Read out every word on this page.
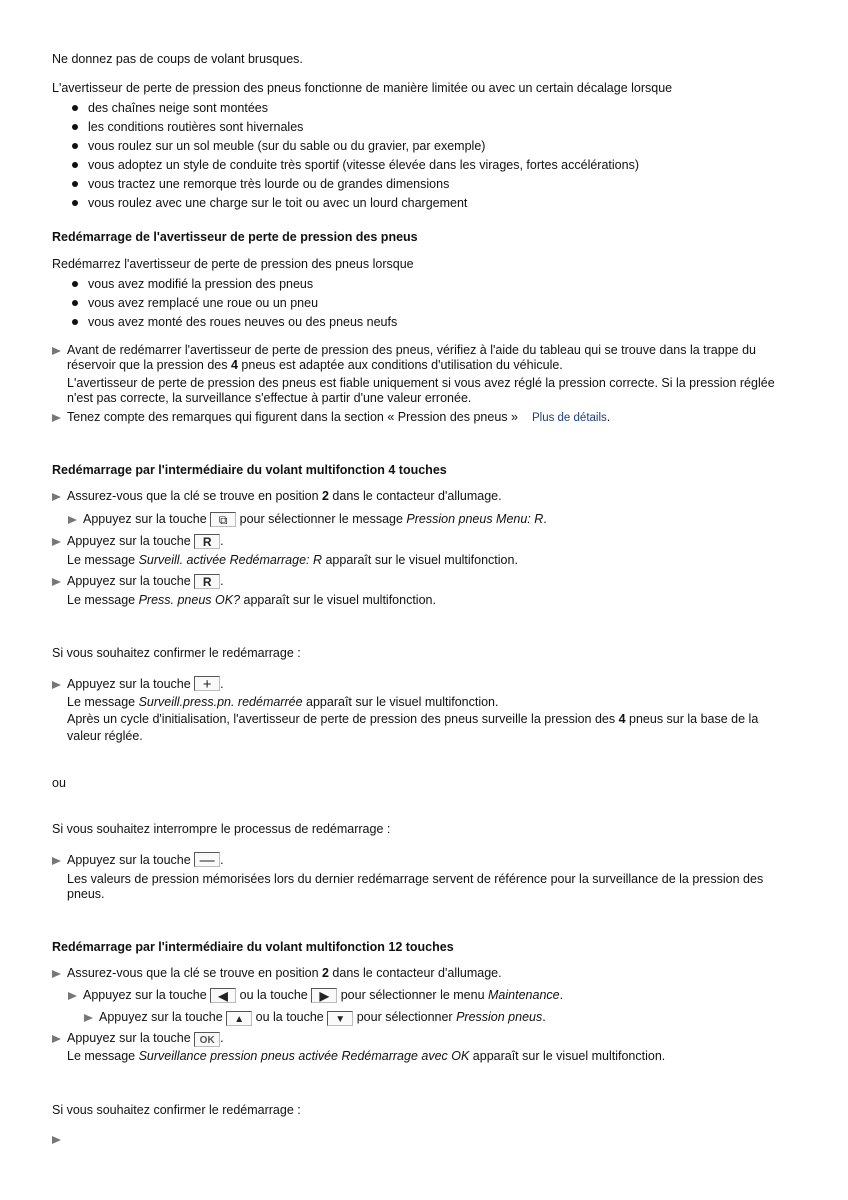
Ne donnez pas de coups de volant brusques.
L'avertisseur de perte de pression des pneus fonctionne de manière limitée ou avec un certain décalage lorsque
des chaînes neige sont montées
les conditions routières sont hivernales
vous roulez sur un sol meuble (sur du sable ou du gravier, par exemple)
vous adoptez un style de conduite très sportif (vitesse élevée dans les virages, fortes accélérations)
vous tractez une remorque très lourde ou de grandes dimensions
vous roulez avec une charge sur le toit ou avec un lourd chargement
Redémarrage de l'avertisseur de perte de pression des pneus
Redémarrez l'avertisseur de perte de pression des pneus lorsque
vous avez modifié la pression des pneus
vous avez remplacé une roue ou un pneu
vous avez monté des roues neuves ou des pneus neufs
Avant de redémarrer l'avertisseur de perte de pression des pneus, vérifiez à l'aide du tableau qui se trouve dans la trappe du
réservoir que la pression des 4 pneus est adaptée aux conditions d'utilisation du véhicule.
L'avertisseur de perte de pression des pneus est fiable uniquement si vous avez réglé la pression correcte. Si la pression réglée
n'est pas correcte, la surveillance s'effectue à partir d'une valeur erronée.
Tenez compte des remarques qui figurent dans la section « Pression des pneus » Plus de détails.
Redémarrage par l'intermédiaire du volant multifonction 4 touches
Assurez-vous que la clé se trouve en position 2 dans le contacteur d'allumage.
Appuyez sur la touche ⧉ pour sélectionner le message Pression pneus Menu: R.
Appuyez sur la touche R .
Le message Surveill. activée Redémarrage: R apparaît sur le visuel multifonction.
Appuyez sur la touche R .
Le message Press. pneus OK? apparaît sur le visuel multifonction.
Si vous souhaitez confirmer le redémarrage :
Appuyez sur la touche + .
Le message Surveill.press.pn. redémarrée apparaît sur le visuel multifonction.
Après un cycle d'initialisation, l'avertisseur de perte de pression des pneus surveille la pression des 4 pneus sur la base de la
valeur réglée.
ou
Si vous souhaitez interrompre le processus de redémarrage :
Appuyez sur la touche — .
Les valeurs de pression mémorisées lors du dernier redémarrage servent de référence pour la surveillance de la pression des
pneus.
Redémarrage par l'intermédiaire du volant multifonction 12 touches
Assurez-vous que la clé se trouve en position 2 dans le contacteur d'allumage.
Appuyez sur la touche ◀ ou la touche ▶ pour sélectionner le menu Maintenance.
Appuyez sur la touche ▲ ou la touche ▼ pour sélectionner Pression pneus.
Appuyez sur la touche OK .
Le message Surveillance pression pneus activée Redémarrage avec OK apparaît sur le visuel multifonction.
Si vous souhaitez confirmer le redémarrage :
